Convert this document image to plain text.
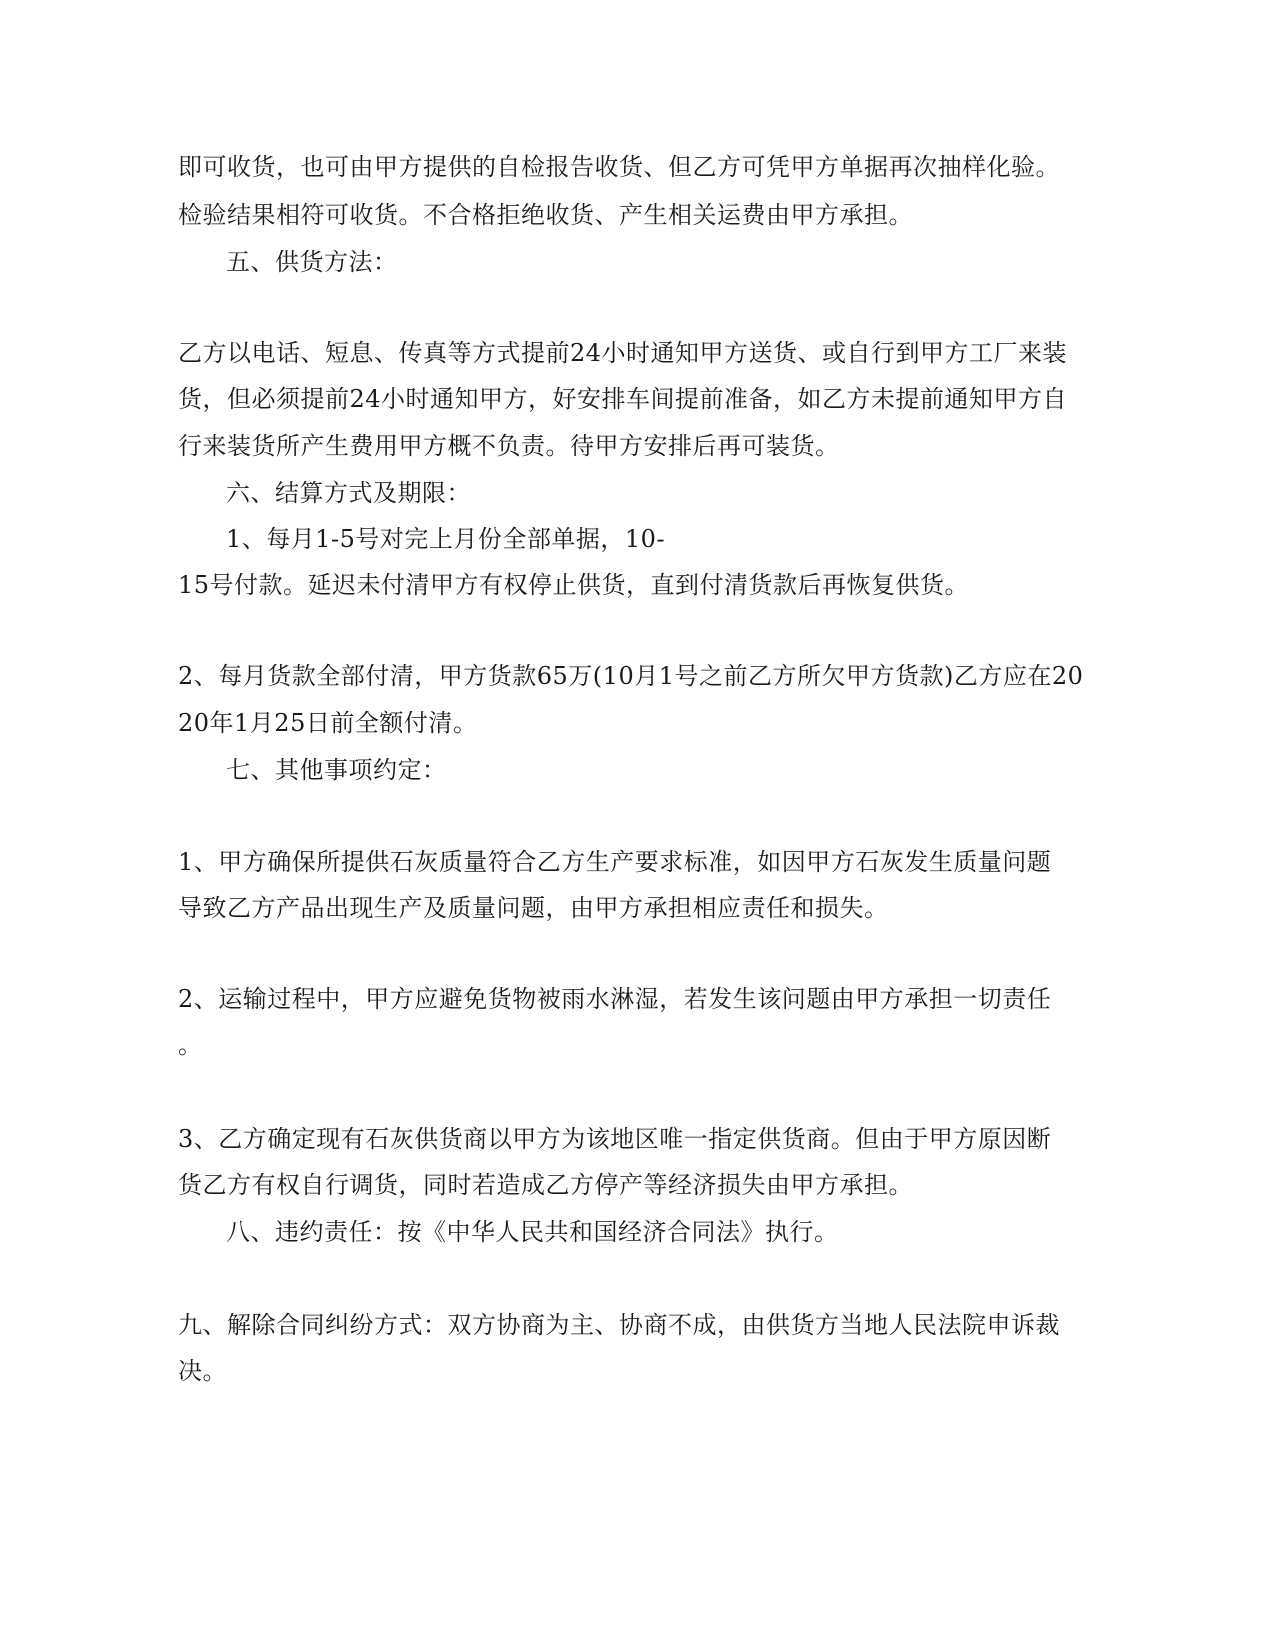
即可收货，也可由甲方提供的自检报告收货、但乙方可凭甲方单据再次抽样化验。
检验结果相符可收货。不合格拒绝收货、产生相关运费由甲方承担。
五、供货方法：
乙方以电话、短息、传真等方式提前24小时通知甲方送货、或自行到甲方工厂来装
货，但必须提前24小时通知甲方，好安排车间提前准备，如乙方未提前通知甲方自
行来装货所产生费用甲方概不负责。待甲方安排后再可装货。
六、结算方式及期限：
1、每月1-5号对完上月份全部单据，10-
15号付款。延迟未付清甲方有权停止供货，直到付清货款后再恢复供货。
2、每月货款全部付清，甲方货款65万(10月1号之前乙方所欠甲方货款)乙方应在20
20年1月25日前全额付清。
七、其他事项约定：
1、甲方确保所提供石灰质量符合乙方生产要求标准，如因甲方石灰发生质量问题
导致乙方产品出现生产及质量问题，由甲方承担相应责任和损失。
2、运输过程中，甲方应避免货物被雨水淋湿，若发生该问题由甲方承担一切责任
。
3、乙方确定现有石灰供货商以甲方为该地区唯一指定供货商。但由于甲方原因断
货乙方有权自行调货，同时若造成乙方停产等经济损失由甲方承担。
八、违约责任：按《中华人民共和国经济合同法》执行。
九、解除合同纠纷方式：双方协商为主、协商不成，由供货方当地人民法院申诉裁
决。
